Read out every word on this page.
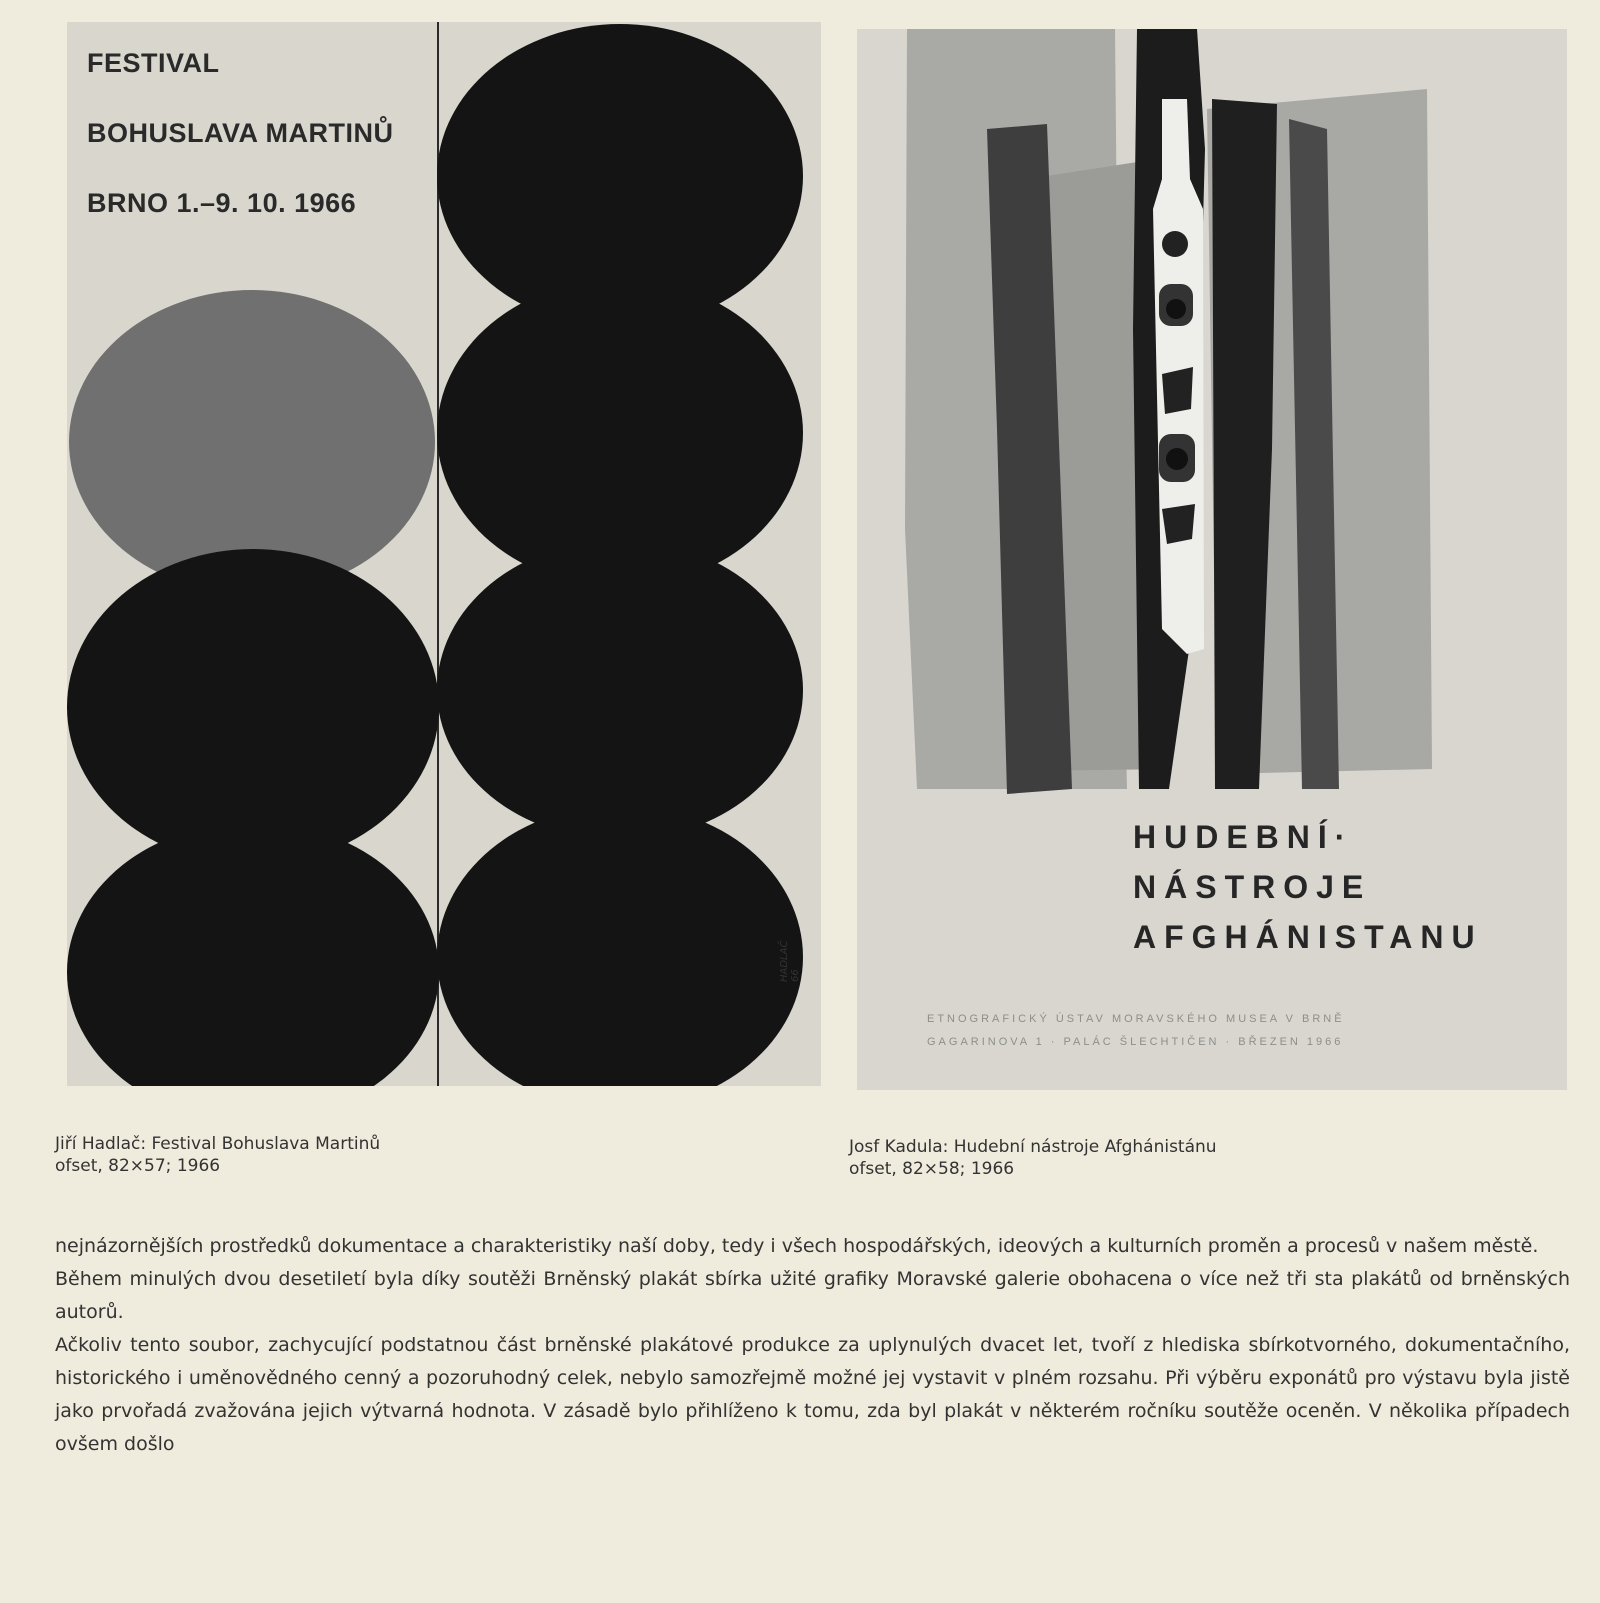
FESTIVAL
BOHUSLAVA MARTINŮ
BRNO 1.–9. 10. 1966
HADLAČ 66
HUDEBNÍ·
NÁSTROJE
AFGHÁNISTANU
ETNOGRAFICKÝ ÚSTAV MORAVSKÉHO MUSEA V BRNĚ
GAGARINOVA 1 · PALÁC ŠLECHTIČEN · BŘEZEN 1966
Jiří Hadlač: Festival Bohuslava Martinů
ofset, 82×57; 1966
Josf Kadula: Hudební nástroje Afghánistánu
ofset, 82×58; 1966

nejnázornějších prostředků dokumentace a charakteristiky naší doby, tedy i všech hospodářských, ideových a kulturních proměn a procesů v našem městě.

Během minulých dvou desetiletí byla díky soutěži Brněnský plakát sbírka užité grafiky Moravské galerie obohacena o více než tři sta plakátů od brněnských autorů.

Ačkoliv tento soubor, zachycující podstatnou část brněnské plakátové produkce za uplynulých dvacet let, tvoří z hlediska sbírkotvorného, dokumentačního, historického i uměnovědného cenný a pozoruhodný celek, nebylo samozřejmě možné jej vystavit v plném rozsahu. Při výběru exponátů pro výstavu byla jistě jako prvořadá zvažována jejich výtvarná hodnota. V zásadě bylo přihlíženo k tomu, zda byl plakát v některém ročníku soutěže oceněn. V několika případech ovšem došlo
